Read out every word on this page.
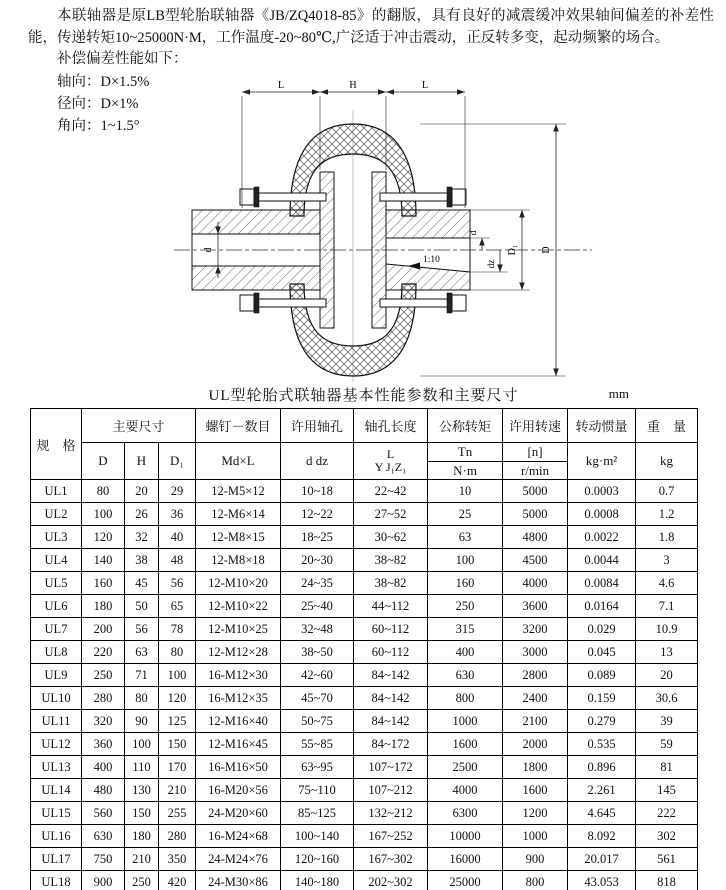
本联轴器是原LB型轮胎联轴器《JB/ZQ4018-85》的翻版，具有良好的减震缓冲效果轴间偏差的补差性能，传递转矩10~25000N·M，工作温度-20~80℃,广泛适于冲击震动，正反转多变，起动频繁的场合。
补偿偏差性能如下：
轴向：D×1.5%
径向：D×1%
角向：1~1.5°
1:10
L	H	L
d
d
dz
D₁ D
UL型轮胎式联轴器基本性能参数和主要尺寸	mm
规　格	主要尺寸			螺钉－数目	许用轴孔	轴孔长度	公称转矩	许用转速	转动惯量	重　量
	D	H	D₁	Md×L	d dz	L
Y J₁Z₁	Tn	[n]	kg·m²	kg
							N·m	r/min		
UL1	80	20	29	12-M5×12	10~18	22~42	10	5000	0.0003	0.7
UL2	100	26	36	12-M6×14	12~22	27~52	25	5000	0.0008	1.2
UL3	120	32	40	12-M8×15	18~25	30~62	63	4800	0.0022	1.8
UL4	140	38	48	12-M8×18	20~30	38~82	100	4500	0.0044	3
UL5	160	45	56	12-M10×20	24~35	38~82	160	4000	0.0084	4.6
UL6	180	50	65	12-M10×22	25~40	44~112	250	3600	0.0164	7.1
UL7	200	56	78	12-M10×25	32~48	60~112	315	3200	0.029	10.9
UL8	220	63	80	12-M12×28	38~50	60~112	400	3000	0.045	13
UL9	250	71	100	16-M12×30	42~60	84~142	630	2800	0.089	20
UL10	280	80	120	16-M12×35	45~70	84~142	800	2400	0.159	30.6
UL11	320	90	125	12-M16×40	50~75	84~142	1000	2100	0.279	39
UL12	360	100	150	12-M16×45	55~85	84~172	1600	2000	0.535	59
UL13	400	110	170	16-M16×50	63~95	107~172	2500	1800	0.896	81
UL14	480	130	210	16-M20×56	75~110	107~212	4000	1600	2.261	145
UL15	560	150	255	24-M20×60	85~125	132~212	6300	1200	4.645	222
UL16	630	180	280	16-M24×68	100~140	167~252	10000	1000	8.092	302
UL17	750	210	350	24-M24×76	120~160	167~302	16000	900	20.017	561
UL18	900	250	420	24-M30×86	140~180	202~302	25000	800	43.053	818
